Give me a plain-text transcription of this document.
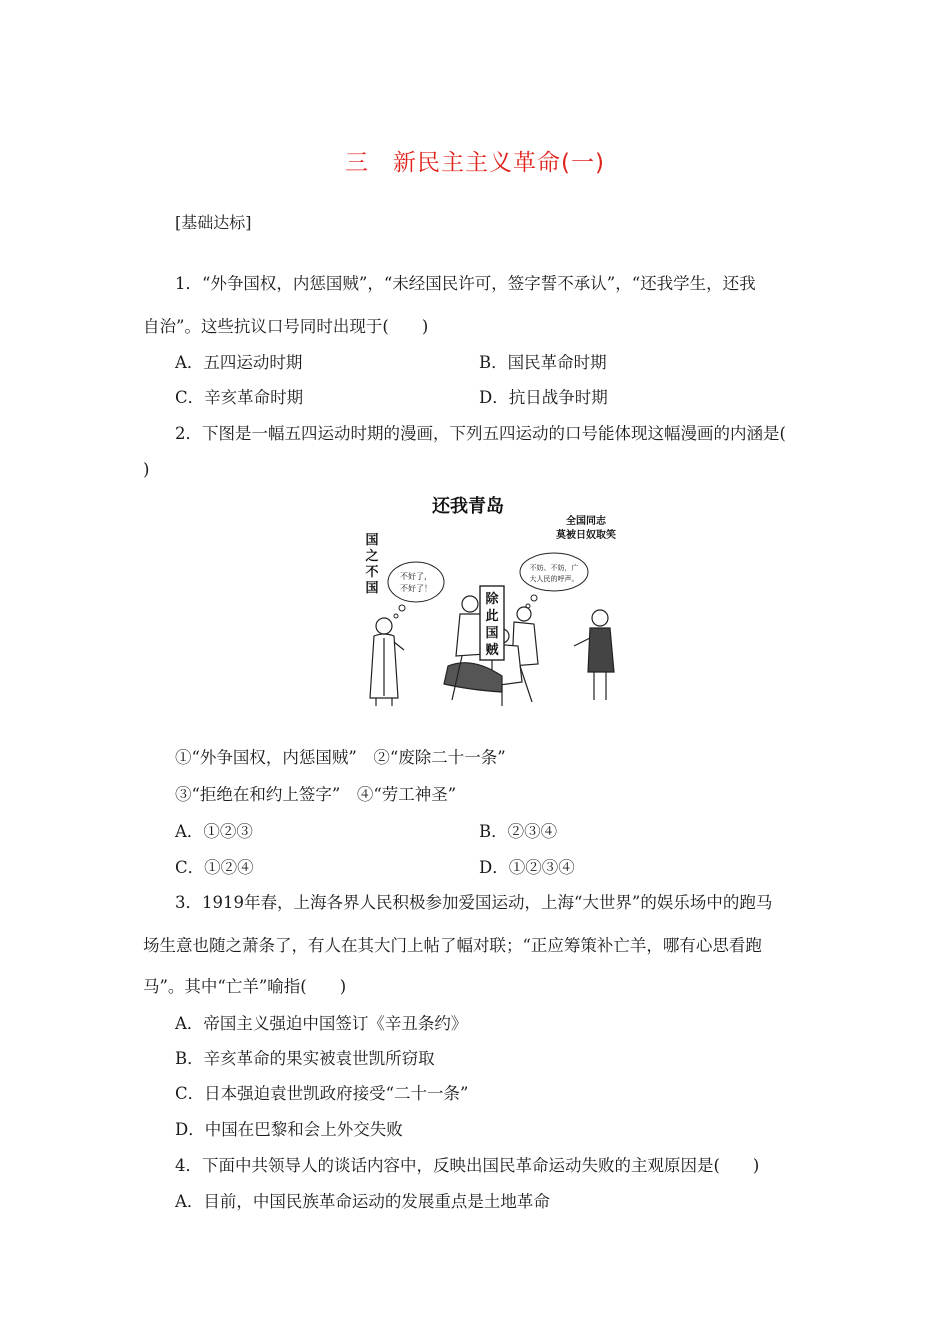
三　新民主主义革命(一)
[基础达标]
1．“外争国权，内惩国贼”，“未经国民许可，签字誓不承认”，“还我学生，还我
自治”。这些抗议口号同时出现于(　　)
A．五四运动时期	B．国民革命时期
C．辛亥革命时期	D．抗日战争时期
2．下图是一幅五四运动时期的漫画，下列五四运动的口号能体现这幅漫画的内涵是(
)
还我青岛
全国同志
莫被日奴取笑
国
之
不
国
不好了，
不好了！
不妨、不妨，广
大人民的呼声。
除
此
国
贼
①“外争国权，内惩国贼”　②“废除二十一条”
③“拒绝在和约上签字”　④“劳工神圣”
A．①②③	B．②③④
C．①②④	D．①②③④
3．1919年春，上海各界人民积极参加爱国运动，上海“大世界”的娱乐场中的跑马
场生意也随之萧条了，有人在其大门上帖了幅对联；“正应筹策补亡羊，哪有心思看跑
马”。其中“亡羊”喻指(　　)
A．帝国主义强迫中国签订《辛丑条约》
B．辛亥革命的果实被袁世凯所窃取
C．日本强迫袁世凯政府接受“二十一条”
D．中国在巴黎和会上外交失败
4．下面中共领导人的谈话内容中，反映出国民革命运动失败的主观原因是(　　)
A．目前，中国民族革命运动的发展重点是土地革命
